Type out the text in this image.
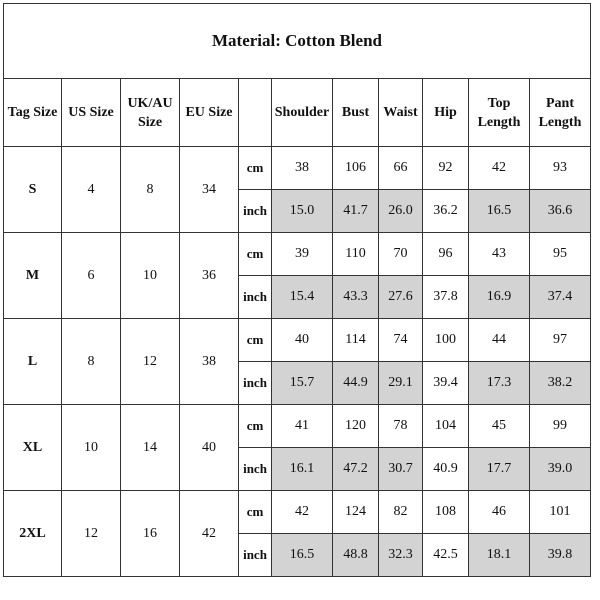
Material: Cotton Blend										
Tag Size	US Size	UK/AU Size	EU Size		Shoulder	Bust	Waist	Hip	Top Length	Pant Length
S	4	8	34	cm	38	106	66	92	42	93
				inch	15.0	41.7	26.0	36.2	16.5	36.6
M	6	10	36	cm	39	110	70	96	43	95
				inch	15.4	43.3	27.6	37.8	16.9	37.4
L	8	12	38	cm	40	114	74	100	44	97
				inch	15.7	44.9	29.1	39.4	17.3	38.2
XL	10	14	40	cm	41	120	78	104	45	99
				inch	16.1	47.2	30.7	40.9	17.7	39.0
2XL	12	16	42	cm	42	124	82	108	46	101
				inch	16.5	48.8	32.3	42.5	18.1	39.8
